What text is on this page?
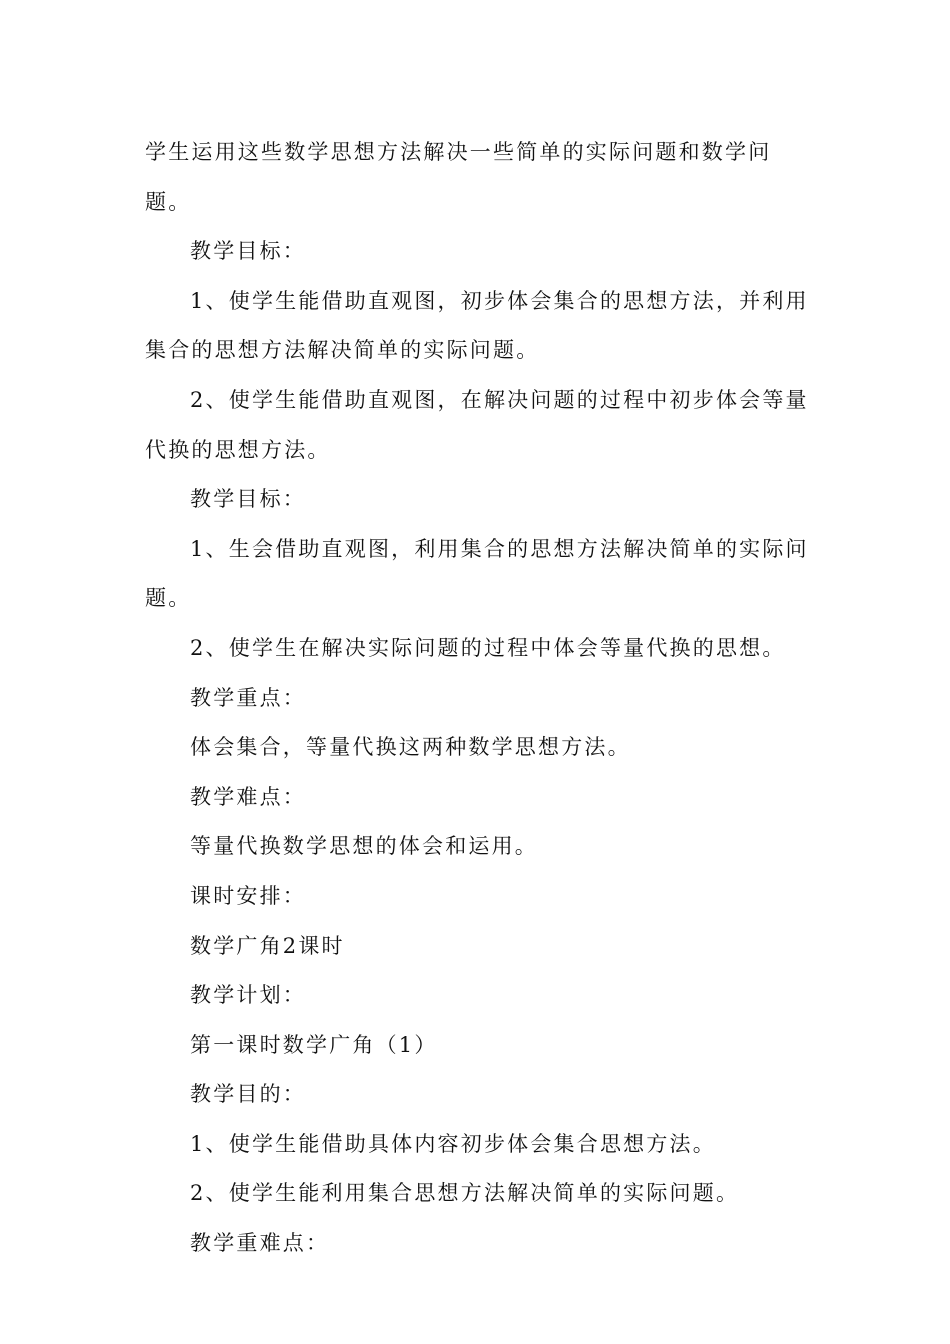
学生运用这些数学思想方法解决一些简单的实际问题和数学问题。

教学目标：

1、使学生能借助直观图，初步体会集合的思想方法，并利用集合的思想方法解决简单的实际问题。

2、使学生能借助直观图，在解决问题的过程中初步体会等量代换的思想方法。

教学目标：

1、生会借助直观图，利用集合的思想方法解决简单的实际问题。

2、使学生在解决实际问题的过程中体会等量代换的思想。

教学重点：

体会集合，等量代换这两种数学思想方法。

教学难点：

等量代换数学思想的体会和运用。

课时安排：

数学广角2课时

教学计划：

第一课时数学广角（1）

教学目的：

1、使学生能借助具体内容初步体会集合思想方法。

2、使学生能利用集合思想方法解决简单的实际问题。

教学重难点：
